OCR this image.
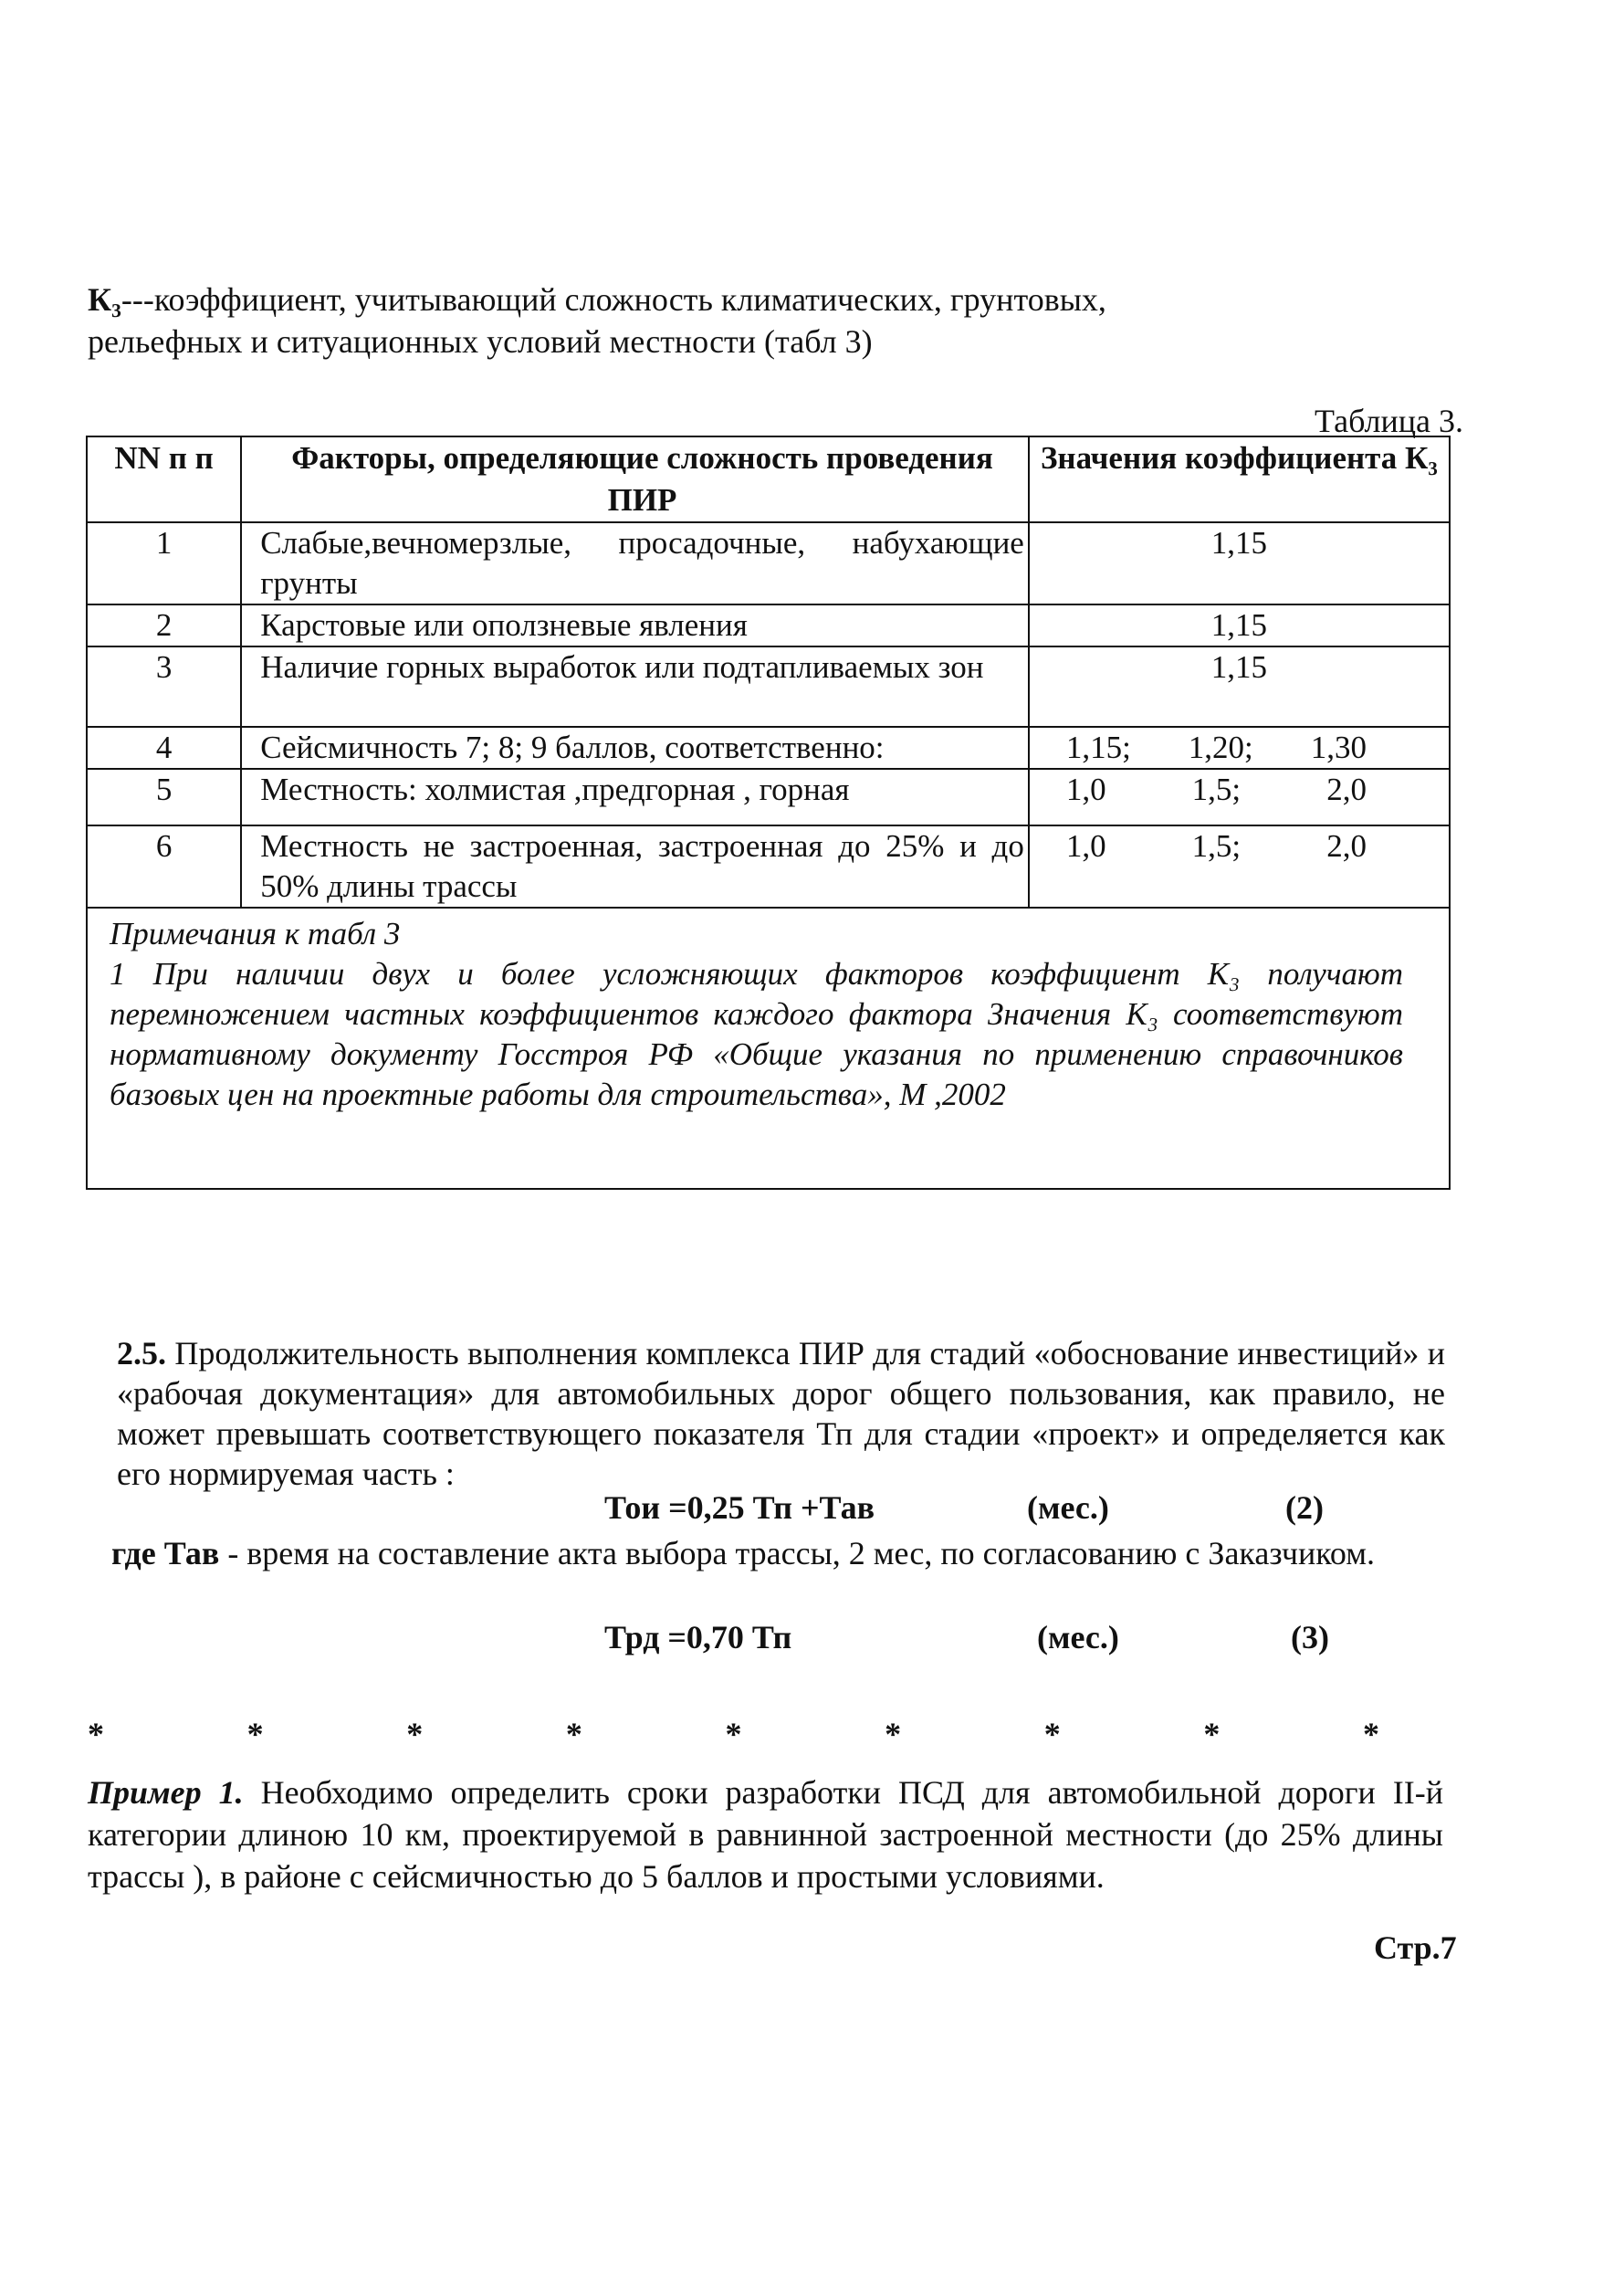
К₃---коэффициент, учитывающий сложность климатических, грунтовых,
рельефных и ситуационных условий местности (табл 3)
Таблица 3.
NN п п	Факторы, определяющие сложность проведения ПИР	Значения коэффициента К₃
1	Слабые,вечномерзлые, просадочные, набухающие грунты	1,15
2	Карстовые или оползневые явления	1,15
3	Наличие горных выработок или подтапливаемых зон	1,15
4	Сейсмичность 7; 8; 9 баллов, соответственно:	1,15; 1,20; 1,30

5	Местность: холмистая ,предгорная , горная	1,0 1,5; 2,0

6	Местность не застроенная, застроенная до 25% и до 50% длины трассы	1,0 1,5; 2,0

Примечания к табл 3

1 При наличии двух и более усложняющих факторов коэффициент К₃ получают перемножением частных коэффициентов каждого фактора Значения К₃ соответствуют нормативному документу Госстроя РФ «Общие указания по применению справочников базовых цен на проектные работы для строительства», М ,2002		

2.5. Продолжительность выполнения комплекса ПИР для стадий «обоснование инвестиций» и «рабочая документация» для автомобильных дорог общего пользования, как правило, не может превышать соответствующего показателя Тп для стадии «проект» и определяется как его нормируемая часть :
Тои =0,25 Тп +Тав	(мес.)	(2)
где Тав - время на составление акта выбора трассы, 2 мес, по согласованию с Заказчиком.
Трд =0,70 Тп	(мес.)	(3)
*	*	*	*	*	*	*	*	*
Пример 1. Необходимо определить сроки разработки ПСД для автомобильной дороги II-й категории длиною 10 км, проектируемой в равнинной застроенной местности (до 25% длины трассы ), в районе с сейсмичностью до 5 баллов и простыми условиями.
Стр.7
